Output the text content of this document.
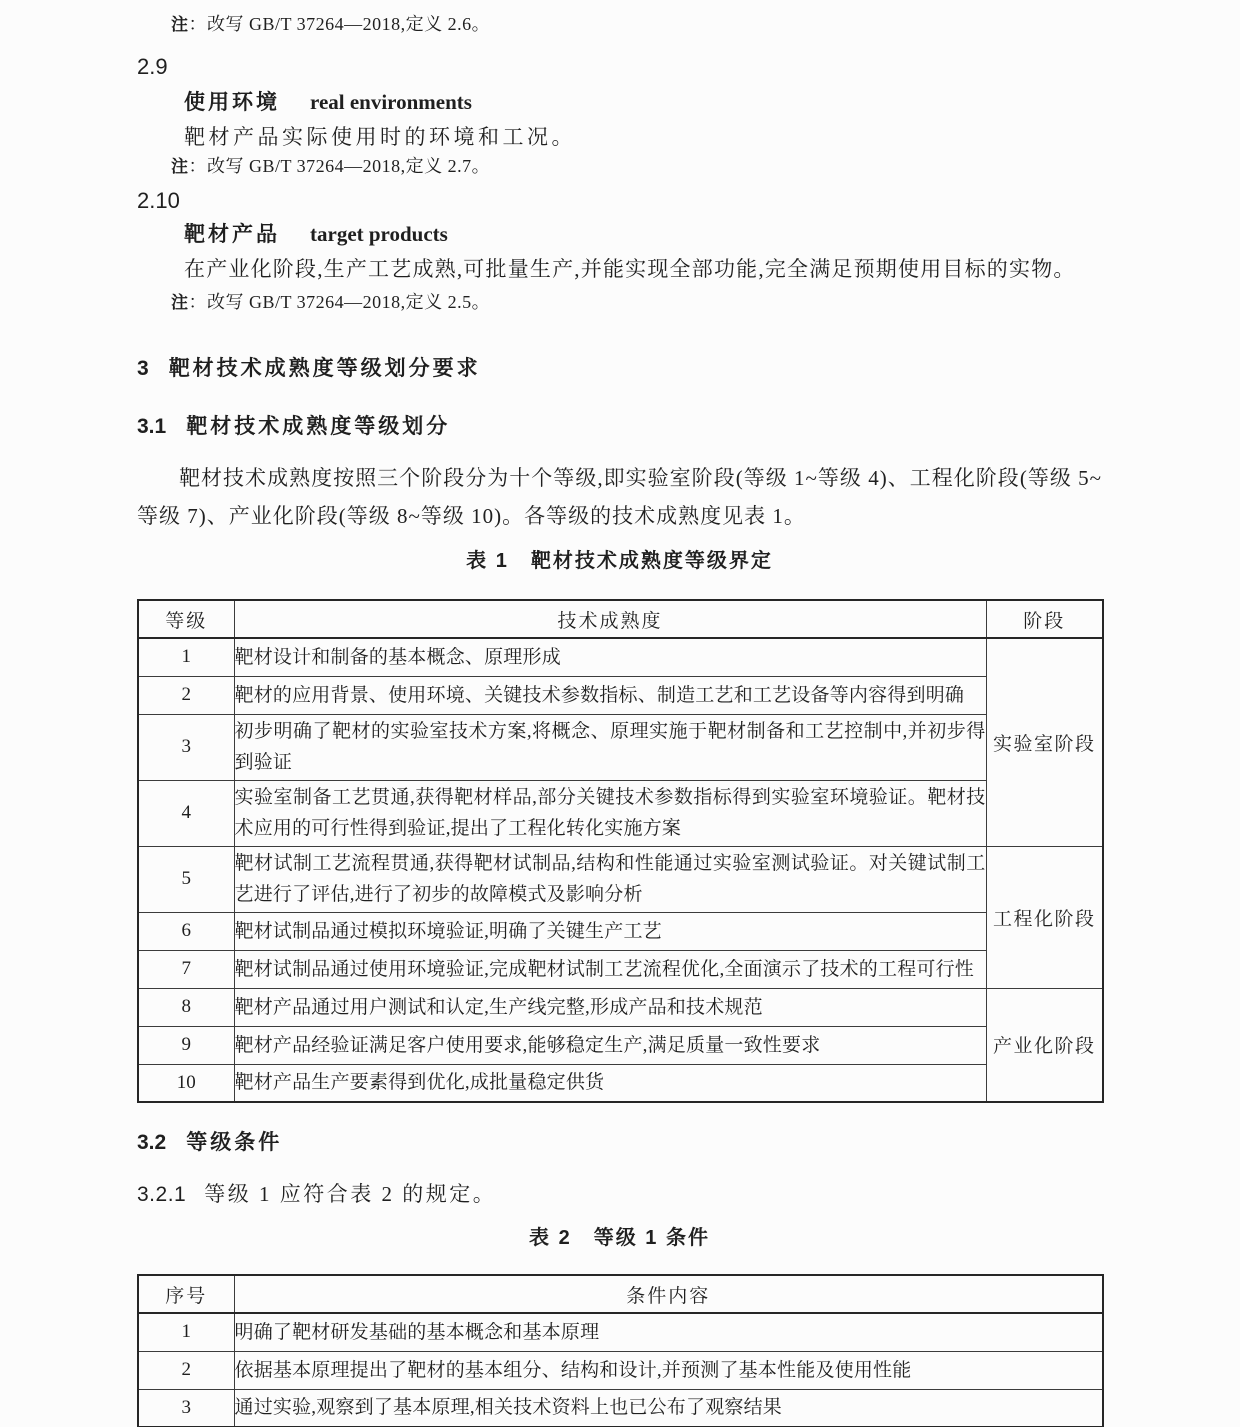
注：改写 GB/T 37264—2018,定义 2.6。

2.9

使用环境 real environments

靶材产品实际使用时的环境和工况。

注：改写 GB/T 37264—2018,定义 2.7。

2.10

靶材产品 target products

在产业化阶段,生产工艺成熟,可批量生产,并能实现全部功能,完全满足预期使用目标的实物。

注：改写 GB/T 37264—2018,定义 2.5。

3 靶材技术成熟度等级划分要求
3.1 靶材技术成熟度等级划分

靶材技术成熟度按照三个阶段分为十个等级,即实验室阶段(等级 1~等级 4)、工程化阶段(等级 5~等级 7)、产业化阶段(等级 8~等级 10)。各等级的技术成熟度见表 1。

表 1　靶材技术成熟度等级界定

等级	技术成熟度	阶段
1	靶材设计和制备的基本概念、原理形成	实验室阶段
2	靶材的应用背景、使用环境、关键技术参数指标、制造工艺和工艺设备等内容得到明确	
3	初步明确了靶材的实验室技术方案,将概念、原理实施于靶材制备和工艺控制中,并初步得到验证	
4	实验室制备工艺贯通,获得靶材样品,部分关键技术参数指标得到实验室环境验证。靶材技术应用的可行性得到验证,提出了工程化转化实施方案	
5	靶材试制工艺流程贯通,获得靶材试制品,结构和性能通过实验室测试验证。对关键试制工艺进行了评估,进行了初步的故障模式及影响分析	工程化阶段
6	靶材试制品通过模拟环境验证,明确了关键生产工艺	
7	靶材试制品通过使用环境验证,完成靶材试制工艺流程优化,全面演示了技术的工程可行性	
8	靶材产品通过用户测试和认定,生产线完整,形成产品和技术规范	产业化阶段
9	靶材产品经验证满足客户使用要求,能够稳定生产,满足质量一致性要求	
10	靶材产品生产要素得到优化,成批量稳定供货	
3.2 等级条件

3.2.1 等级 1 应符合表 2 的规定。

表 2　等级 1 条件

序号	条件内容
1	明确了靶材研发基础的基本概念和基本原理
2	依据基本原理提出了靶材的基本组分、结构和设计,并预测了基本性能及使用性能
3	通过实验,观察到了基本原理,相关技术资料上也已公布了观察结果
